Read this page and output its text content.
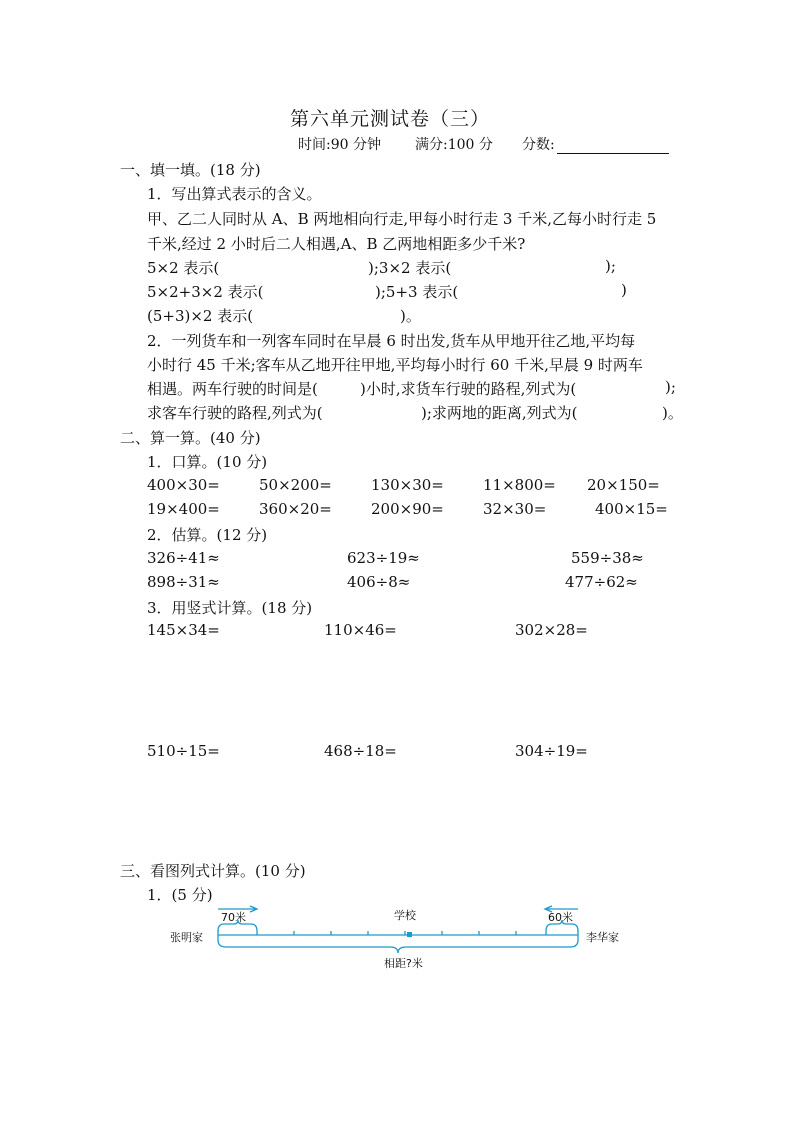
第六单元测试卷（三）
时间:90 分钟 满分:100 分 分数:
一、填一填。(18 分)
1．写出算式表示的含义。
甲、乙二人同时从 A、B 两地相向行走,甲每小时行走 3 千米,乙每小时行走 5
千米,经过 2 小时后二人相遇,A、B 乙两地相距多少千米?
5×2 表示(	);3×2 表示(	);
5×2+3×2 表示(	);5+3 表示(	)
(5+3)×2 表示(	)。
2．一列货车和一列客车同时在早晨 6 时出发,货车从甲地开往乙地,平均每
小时行 45 千米;客车从乙地开往甲地,平均每小时行 60 千米,早晨 9 时两车
相遇。两车行驶的时间是(	)小时,求货车行驶的路程,列式为(	);
求客车行驶的路程,列式为(	);求两地的距离,列式为(	)。
二、算一算。(40 分)
1．口算。(10 分)
400×30=	50×200=	130×30=	11×800= 20×150=
19×400=	360×20=	200×90=	32×30=	400×15=
2．估算。(12 分)
326÷41≈	623÷19≈	559÷38≈
898÷31≈	406÷8≈	477÷62≈
3．用竖式计算。(18 分)
145×34=	110×46=	302×28=
510÷15=	468÷18=	304÷19=
三、看图列式计算。(10 分)
1．(5 分)
70米	60米
学校
张明家	李华家
相距?米
